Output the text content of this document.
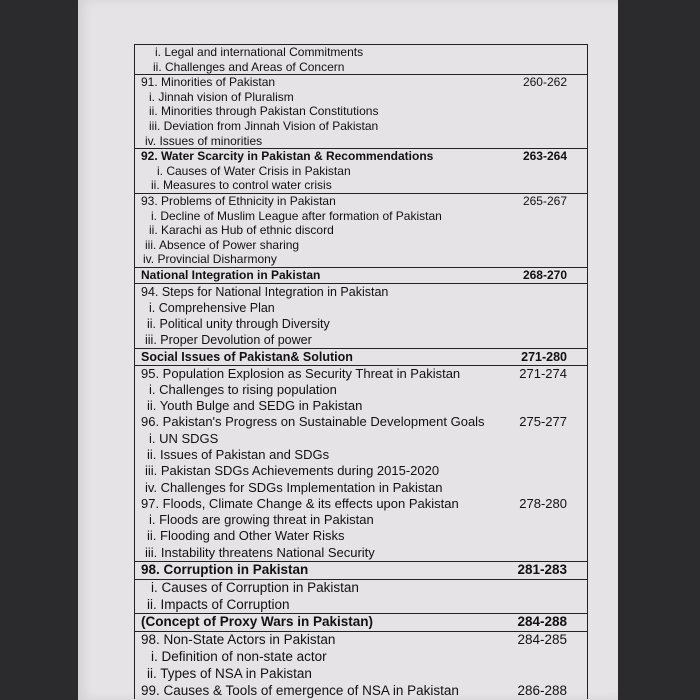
i. Legal and international Commitments
ii. Challenges and Areas of Concern
91. Minorities of Pakistan	260-262
i. Jinnah vision of Pluralism
ii. Minorities through Pakistan Constitutions
iii. Deviation from Jinnah Vision of Pakistan
iv. Issues of minorities
92. Water Scarcity in Pakistan & Recommendations	263-264
i. Causes of Water Crisis in Pakistan
ii. Measures to control water crisis
93. Problems of Ethnicity in Pakistan	265-267
i. Decline of Muslim League after formation of Pakistan
ii. Karachi as Hub of ethnic discord
iii. Absence of Power sharing
iv. Provincial Disharmony
National Integration in Pakistan	268-270
94. Steps for National Integration in Pakistan
i. Comprehensive Plan
ii. Political unity through Diversity
iii. Proper Devolution of power
Social Issues of Pakistan& Solution	271-280
95. Population Explosion as Security Threat in Pakistan	271-274
i. Challenges to rising population
ii. Youth Bulge and SEDG in Pakistan
96. Pakistan's Progress on Sustainable Development Goals	275-277
i. UN SDGS
ii. Issues of Pakistan and SDGs
iii. Pakistan SDGs Achievements during 2015-2020
iv. Challenges for SDGs Implementation in Pakistan
97. Floods, Climate Change & its effects upon Pakistan	278-280
i. Floods are growing threat in Pakistan
ii. Flooding and Other Water Risks
iii. Instability threatens National Security
98. Corruption in Pakistan	281-283
i. Causes of Corruption in Pakistan
ii. Impacts of Corruption
(Concept of Proxy Wars in Pakistan)	284-288
98. Non-State Actors in Pakistan	284-285
i. Definition of non-state actor
ii. Types of NSA in Pakistan
99. Causes & Tools of emergence of NSA in Pakistan	286-288
